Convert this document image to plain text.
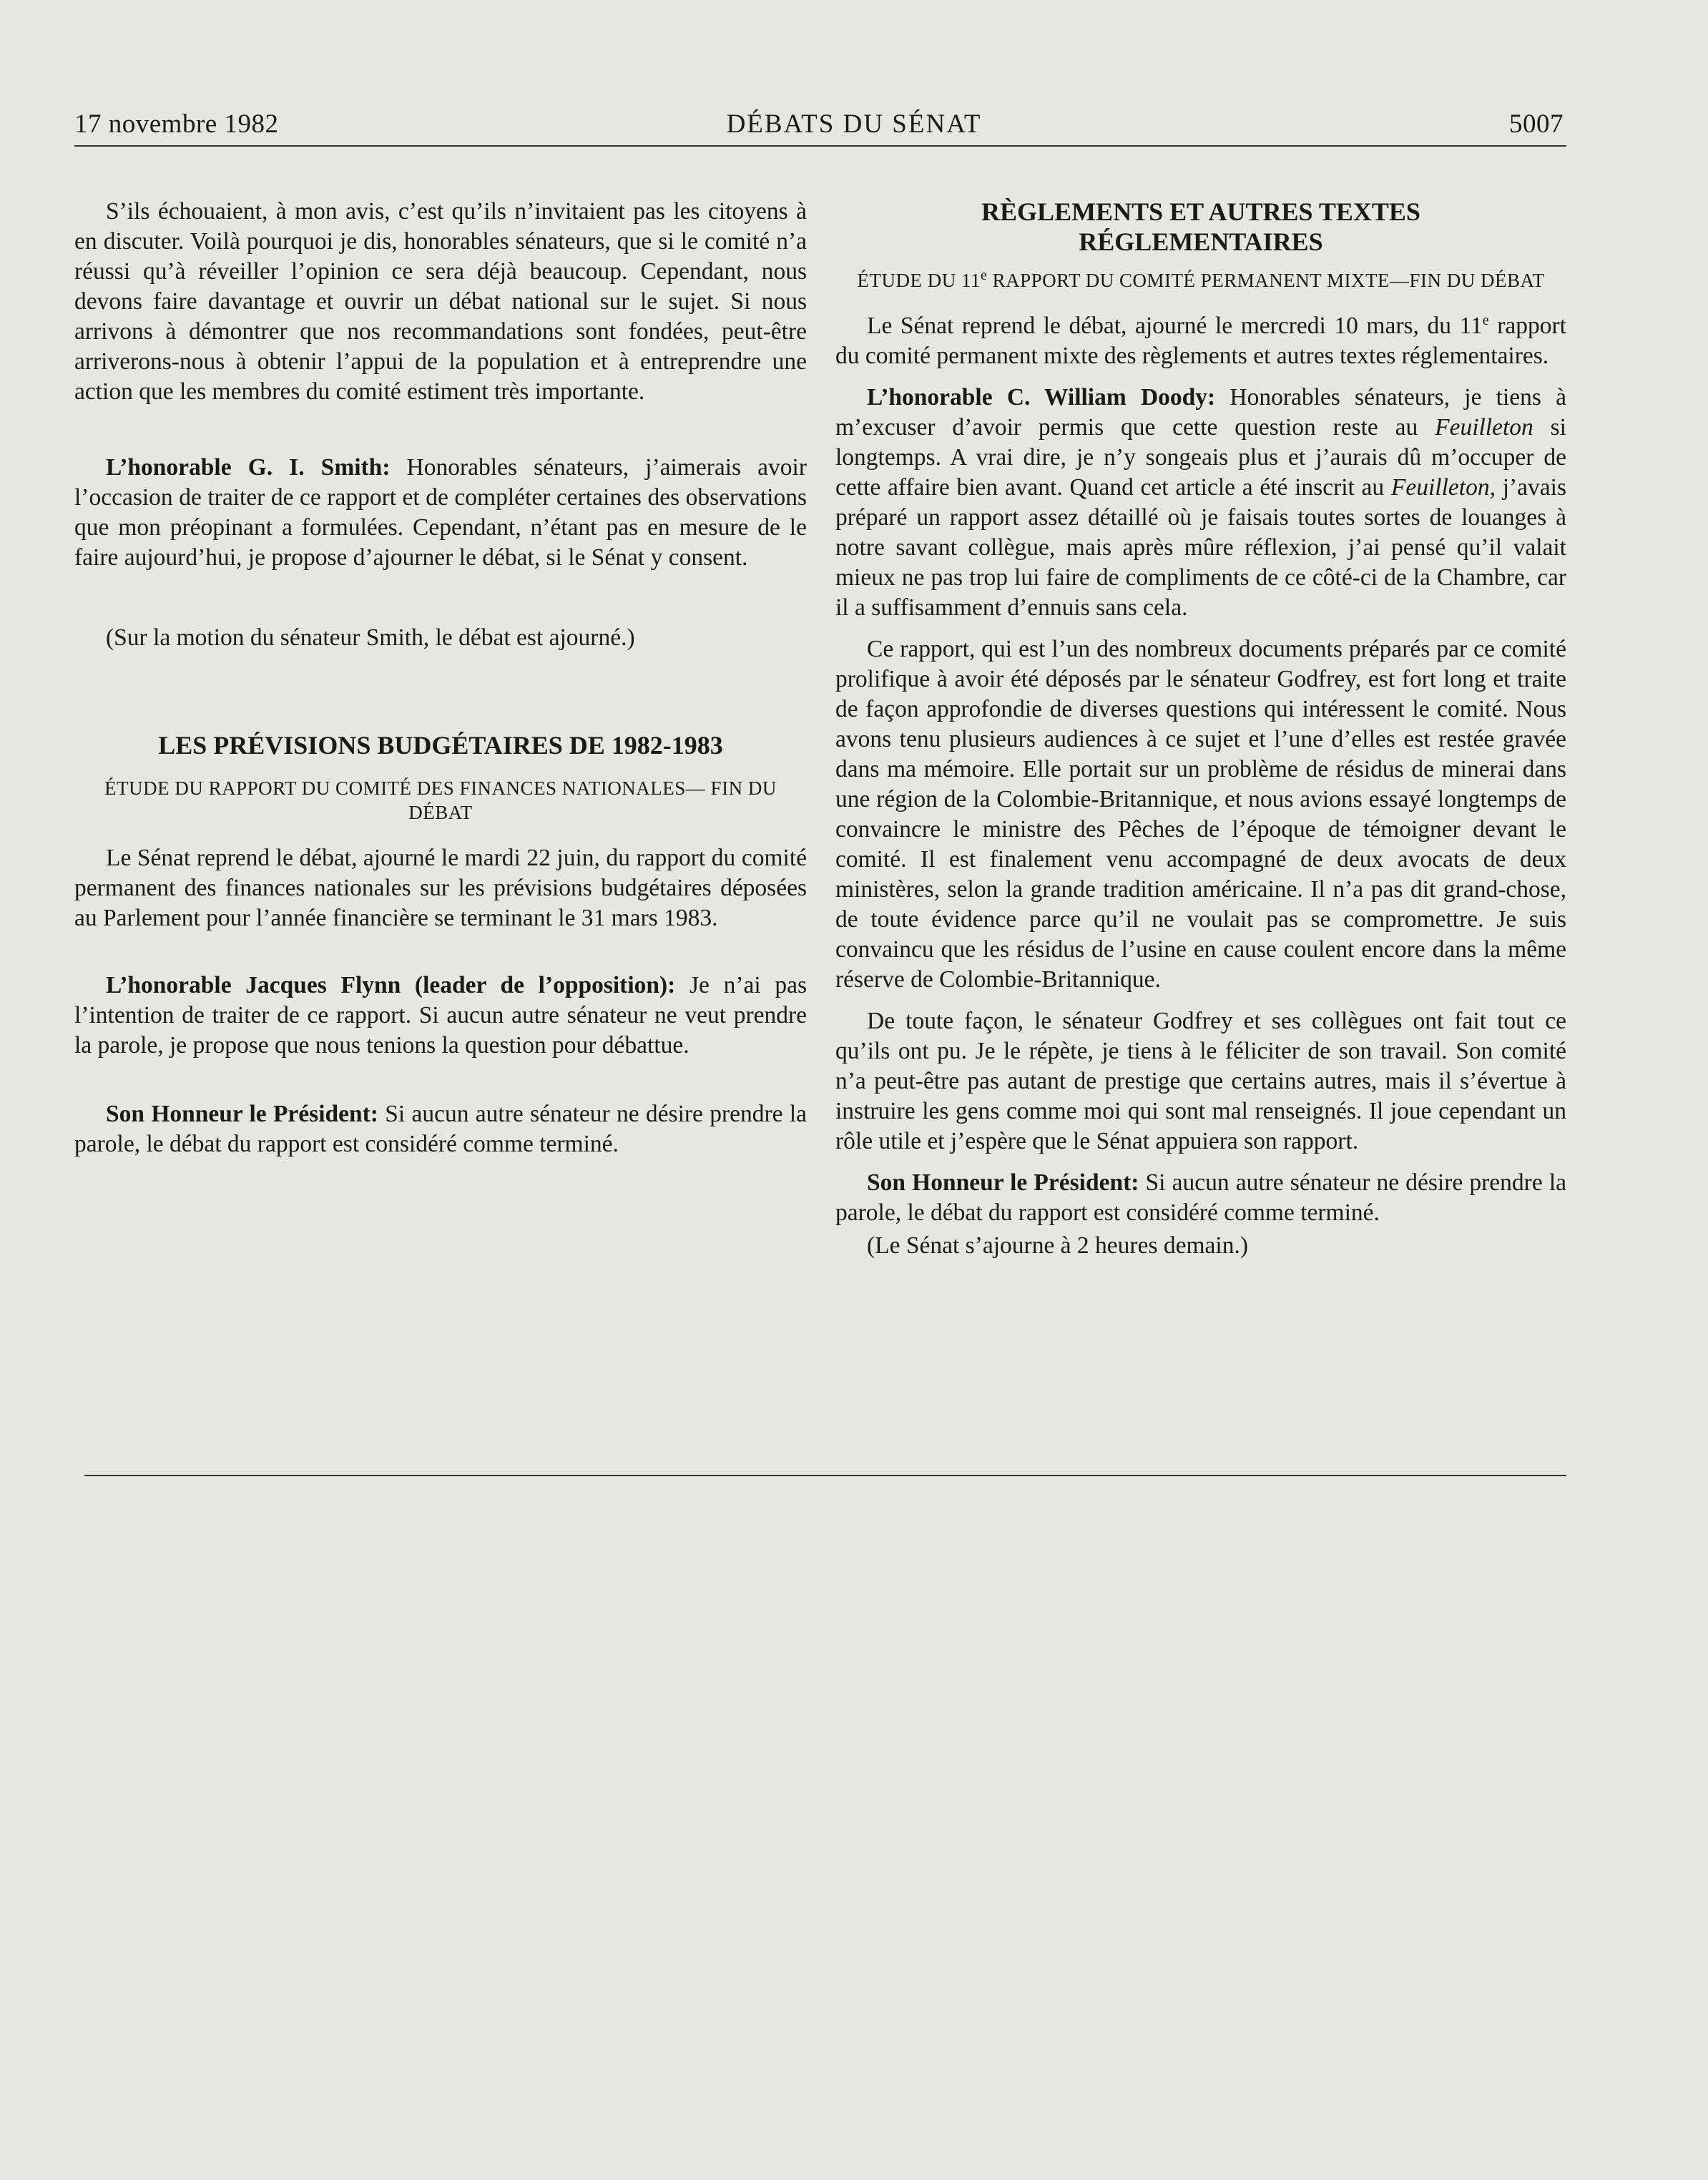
17 novembre 1982	DÉBATS DU SÉNAT	5007

S’ils échouaient, à mon avis, c’est qu’ils n’invitaient pas les citoyens à en discuter. Voilà pourquoi je dis, honorables sénateurs, que si le comité n’a réussi qu’à réveiller l’opinion ce sera déjà beaucoup. Cependant, nous devons faire davantage et ouvrir un débat national sur le sujet. Si nous arrivons à démontrer que nos recommandations sont fondées, peut-être arriverons-nous à obtenir l’appui de la population et à entreprendre une action que les membres du comité estiment très importante.

L’honorable G. I. Smith: Honorables sénateurs, j’aimerais avoir l’occasion de traiter de ce rapport et de compléter certaines des observations que mon préopinant a formulées. Cependant, n’étant pas en mesure de le faire aujourd’hui, je propose d’ajourner le débat, si le Sénat y consent.

(Sur la motion du sénateur Smith, le débat est ajourné.)

LES PRÉVISIONS BUDGÉTAIRES DE 1982-1983
ÉTUDE DU RAPPORT DU COMITÉ DES FINANCES NATIONALES— FIN DU DÉBAT

Le Sénat reprend le débat, ajourné le mardi 22 juin, du rapport du comité permanent des finances nationales sur les prévisions budgétaires déposées au Parlement pour l’année financière se terminant le 31 mars 1983.

L’honorable Jacques Flynn (leader de l’opposition): Je n’ai pas l’intention de traiter de ce rapport. Si aucun autre sénateur ne veut prendre la parole, je propose que nous tenions la question pour débattue.

Son Honneur le Président: Si aucun autre sénateur ne désire prendre la parole, le débat du rapport est considéré comme terminé.

RÈGLEMENTS ET AUTRES TEXTES
RÉGLEMENTAIRES
ÉTUDE DU 11e RAPPORT DU COMITÉ PERMANENT MIXTE—FIN DU DÉBAT

Le Sénat reprend le débat, ajourné le mercredi 10 mars, du 11e rapport du comité permanent mixte des règlements et autres textes réglementaires.

L’honorable C. William Doody: Honorables sénateurs, je tiens à m’excuser d’avoir permis que cette question reste au Feuilleton si longtemps. A vrai dire, je n’y songeais plus et j’aurais dû m’occuper de cette affaire bien avant. Quand cet article a été inscrit au Feuilleton, j’avais préparé un rapport assez détaillé où je faisais toutes sortes de louanges à notre savant collègue, mais après mûre réflexion, j’ai pensé qu’il valait mieux ne pas trop lui faire de compliments de ce côté-ci de la Chambre, car il a suffisamment d’ennuis sans cela.

Ce rapport, qui est l’un des nombreux documents préparés par ce comité prolifique à avoir été déposés par le sénateur Godfrey, est fort long et traite de façon approfondie de diverses questions qui intéressent le comité. Nous avons tenu plusieurs audiences à ce sujet et l’une d’elles est restée gravée dans ma mémoire. Elle portait sur un problème de résidus de minerai dans une région de la Colombie-Britannique, et nous avions essayé longtemps de convaincre le ministre des Pêches de l’époque de témoigner devant le comité. Il est finalement venu accompagné de deux avocats de deux ministères, selon la grande tradition américaine. Il n’a pas dit grand-chose, de toute évidence parce qu’il ne voulait pas se compromettre. Je suis convaincu que les résidus de l’usine en cause coulent encore dans la même réserve de Colombie-Britannique.

De toute façon, le sénateur Godfrey et ses collègues ont fait tout ce qu’ils ont pu. Je le répète, je tiens à le féliciter de son travail. Son comité n’a peut-être pas autant de prestige que certains autres, mais il s’évertue à instruire les gens comme moi qui sont mal renseignés. Il joue cependant un rôle utile et j’espère que le Sénat appuiera son rapport.

Son Honneur le Président: Si aucun autre sénateur ne désire prendre la parole, le débat du rapport est considéré comme terminé.

(Le Sénat s’ajourne à 2 heures demain.)
